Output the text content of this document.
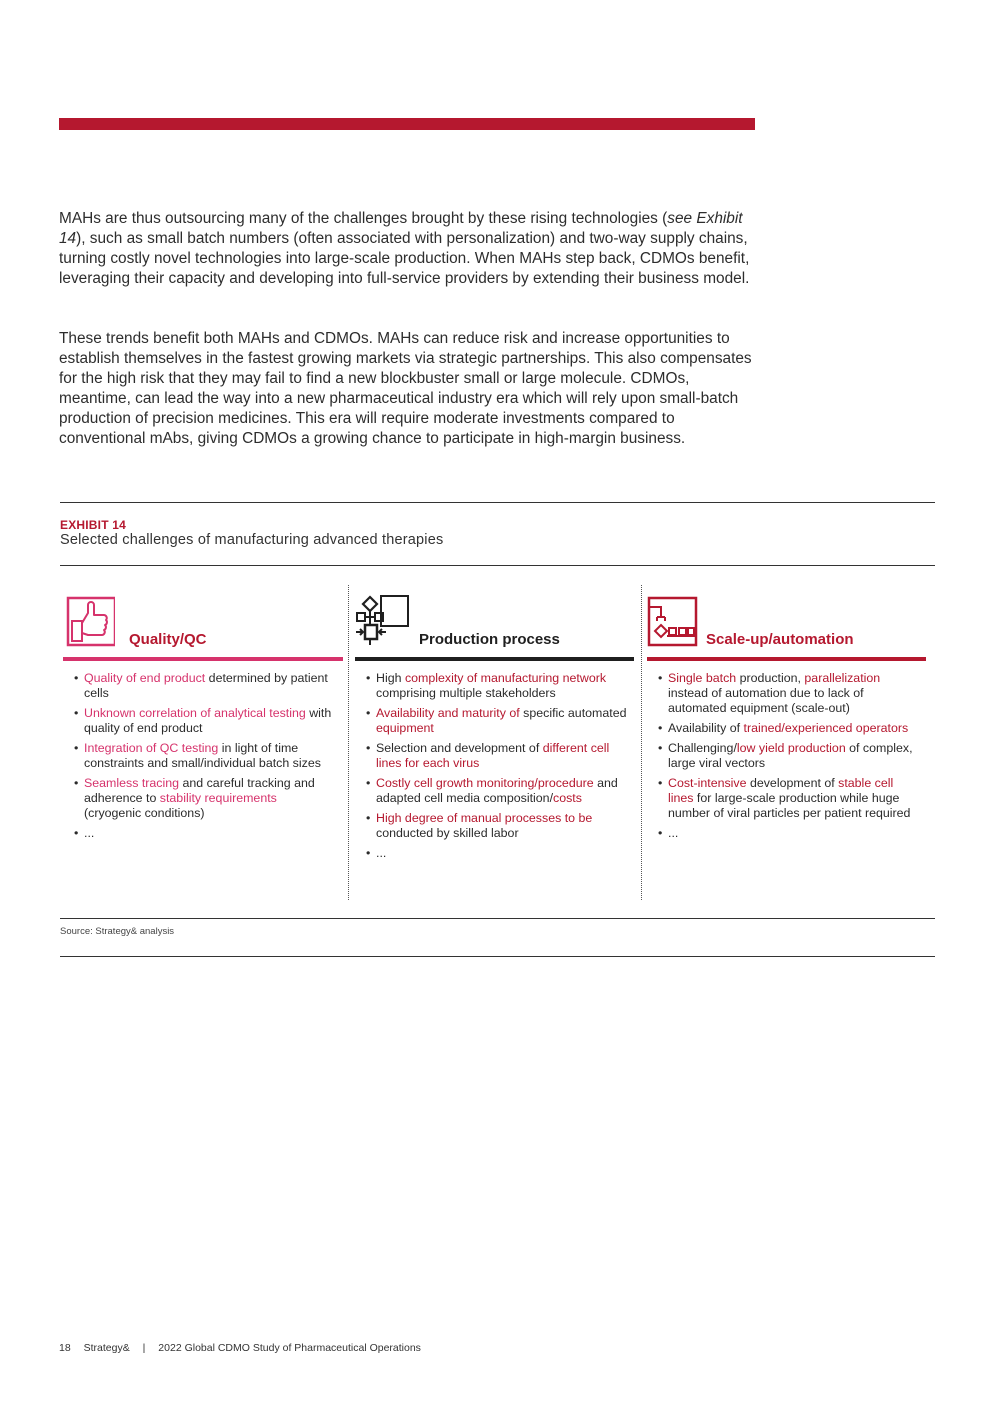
MAHs are thus outsourcing many of the challenges brought by these rising technologies (see Exhibit 14), such as small batch numbers (often associated with personalization) and two-way supply chains, turning costly novel technologies into large-scale production. When MAHs step back, CDMOs benefit, leveraging their capacity and developing into full-service providers by extending their business model.

These trends benefit both MAHs and CDMOs. MAHs can reduce risk and increase opportunities to establish themselves in the fastest growing markets via strategic partnerships. This also compensates for the high risk that they may fail to find a new blockbuster small or large molecule. CDMOs, meantime, can lead the way into a new pharmaceutical industry era which will rely upon small-batch production of precision medicines. This era will require moderate investments compared to conventional mAbs, giving CDMOs a growing chance to participate in high-margin business.

EXHIBIT 14
Selected challenges of manufacturing advanced therapies
Quality/QC
• Quality of end product determined by patient cells
• Unknown correlation of analytical testing with quality of end product
• Integration of QC testing in light of time constraints and small/individual batch sizes
• Seamless tracing and careful tracking and adherence to stability requirements (cryogenic conditions)
• ...
Production process
• High complexity of manufacturing network comprising multiple stakeholders
• Availability and maturity of specific automated equipment
• Selection and development of different cell lines for each virus
• Costly cell growth monitoring/procedure and adapted cell media composition/costs
• High degree of manual processes to be conducted by skilled labor
• ...
Scale-up/automation
• Single batch production, parallelization instead of automation due to lack of automated equipment (scale-out)
• Availability of trained/experienced operators
• Challenging/low yield production of complex, large viral vectors
• Cost-intensive development of stable cell lines for large-scale production while huge number of viral particles per patient required
• ...
Source: Strategy& analysis
18 Strategy& | 2022 Global CDMO Study of Pharmaceutical Operations
